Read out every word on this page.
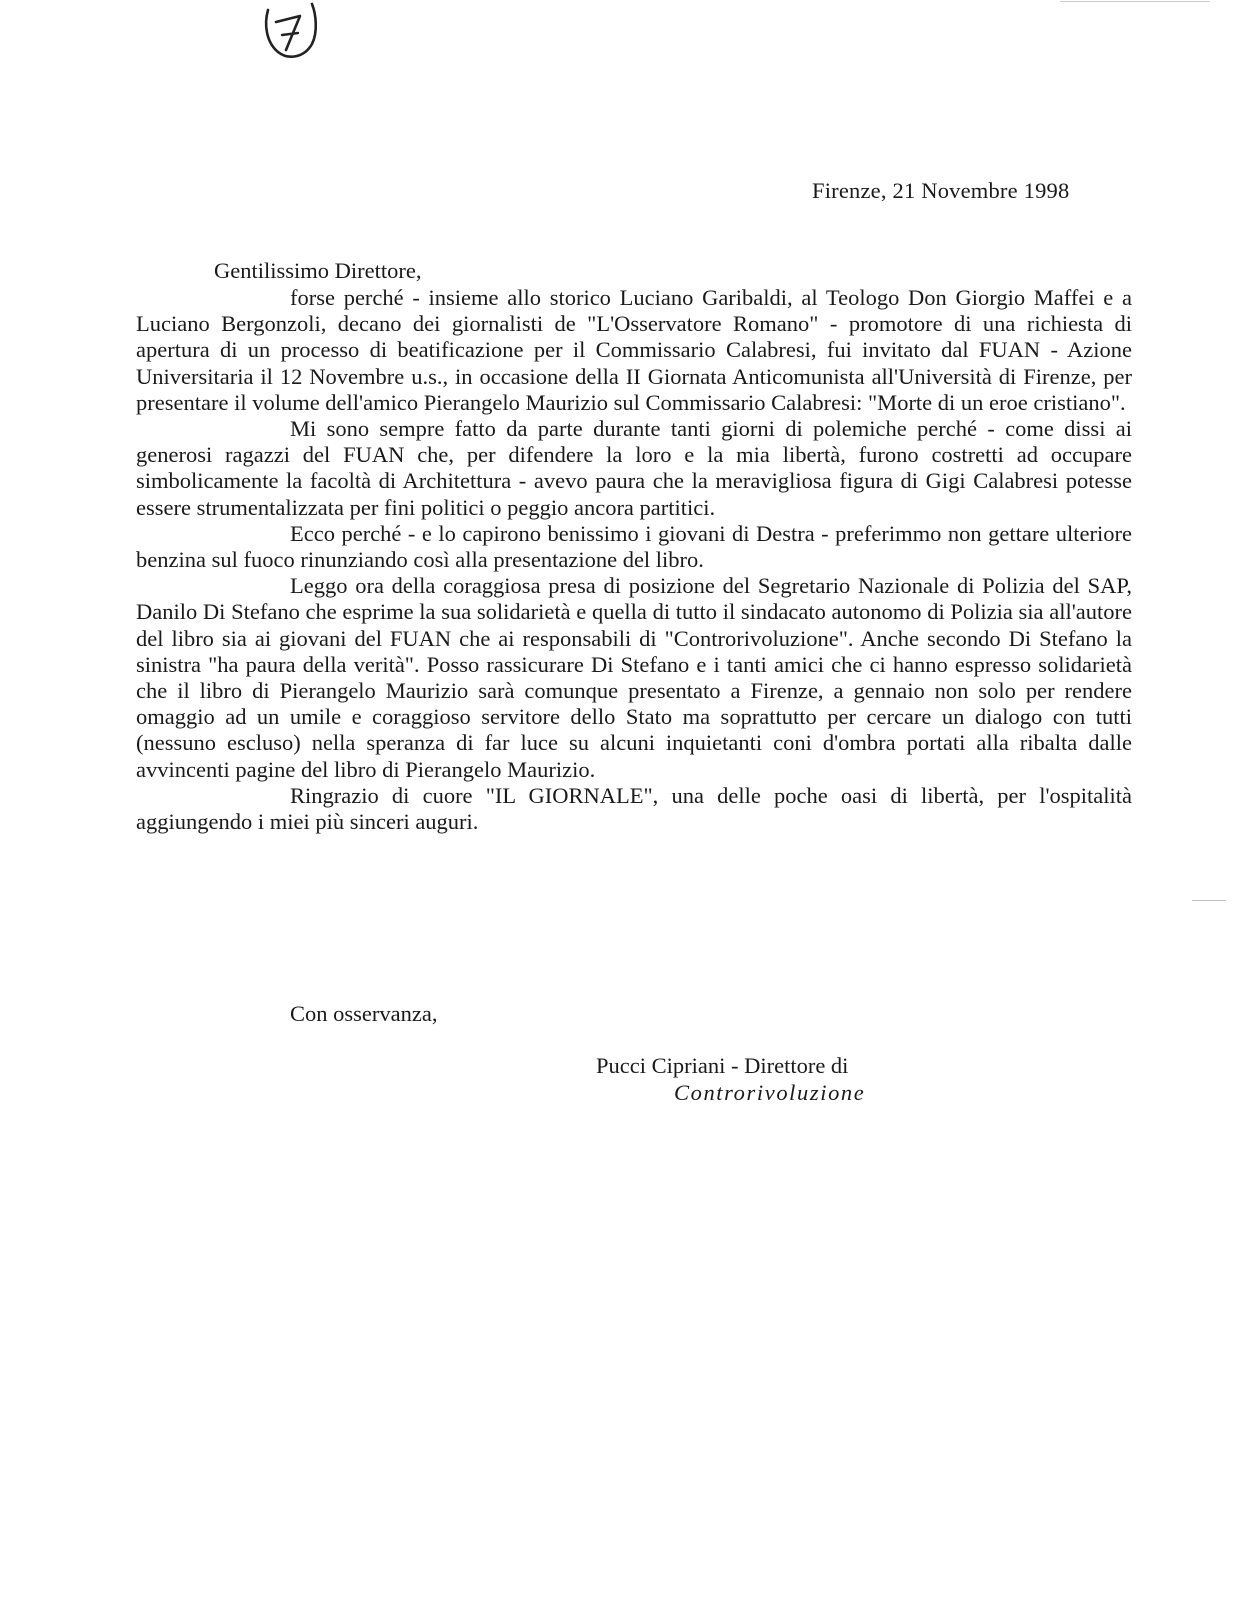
7
Firenze, 21 Novembre 1998
Gentilissimo Direttore,

forse perché - insieme allo storico Luciano Garibaldi, al Teologo Don Giorgio Maffei e a Luciano Bergonzoli, decano dei giornalisti de "L'Osservatore Romano" - promotore di una richiesta di apertura di un processo di beatificazione per il Commissario Calabresi, fui invitato dal FUAN - Azione Universitaria il 12 Novembre u.s., in occasione della II Giornata Anticomunista all'Università di Firenze, per presentare il volume dell'amico Pierangelo Maurizio sul Commissario Calabresi: "Morte di un eroe cristiano".

Mi sono sempre fatto da parte durante tanti giorni di polemiche perché - come dissi ai generosi ragazzi del FUAN che, per difendere la loro e la mia libertà, furono costretti ad occupare simbolicamente la facoltà di Architettura - avevo paura che la meravigliosa figura di Gigi Calabresi potesse essere strumentalizzata per fini politici o peggio ancora partitici.

Ecco perché - e lo capirono benissimo i giovani di Destra - preferimmo non gettare ulteriore benzina sul fuoco rinunziando così alla presentazione del libro.

Leggo ora della coraggiosa presa di posizione del Segretario Nazionale di Polizia del SAP, Danilo Di Stefano che esprime la sua solidarietà e quella di tutto il sindacato autonomo di Polizia sia all'autore del libro sia ai giovani del FUAN che ai responsabili di "Controrivoluzione". Anche secondo Di Stefano la sinistra "ha paura della verità". Posso rassicurare Di Stefano e i tanti amici che ci hanno espresso solidarietà che il libro di Pierangelo Maurizio sarà comunque presentato a Firenze, a gennaio non solo per rendere omaggio ad un umile e coraggioso servitore dello Stato ma soprattutto per cercare un dialogo con tutti (nessuno escluso) nella speranza di far luce su alcuni inquietanti coni d'ombra portati alla ribalta dalle avvincenti pagine del libro di Pierangelo Maurizio.

Ringrazio di cuore "IL GIORNALE", una delle poche oasi di libertà, per l'ospitalità aggiungendo i miei più sinceri auguri.

Con osservanza,
Pucci Cipriani - Direttore di
Controrivoluzione
